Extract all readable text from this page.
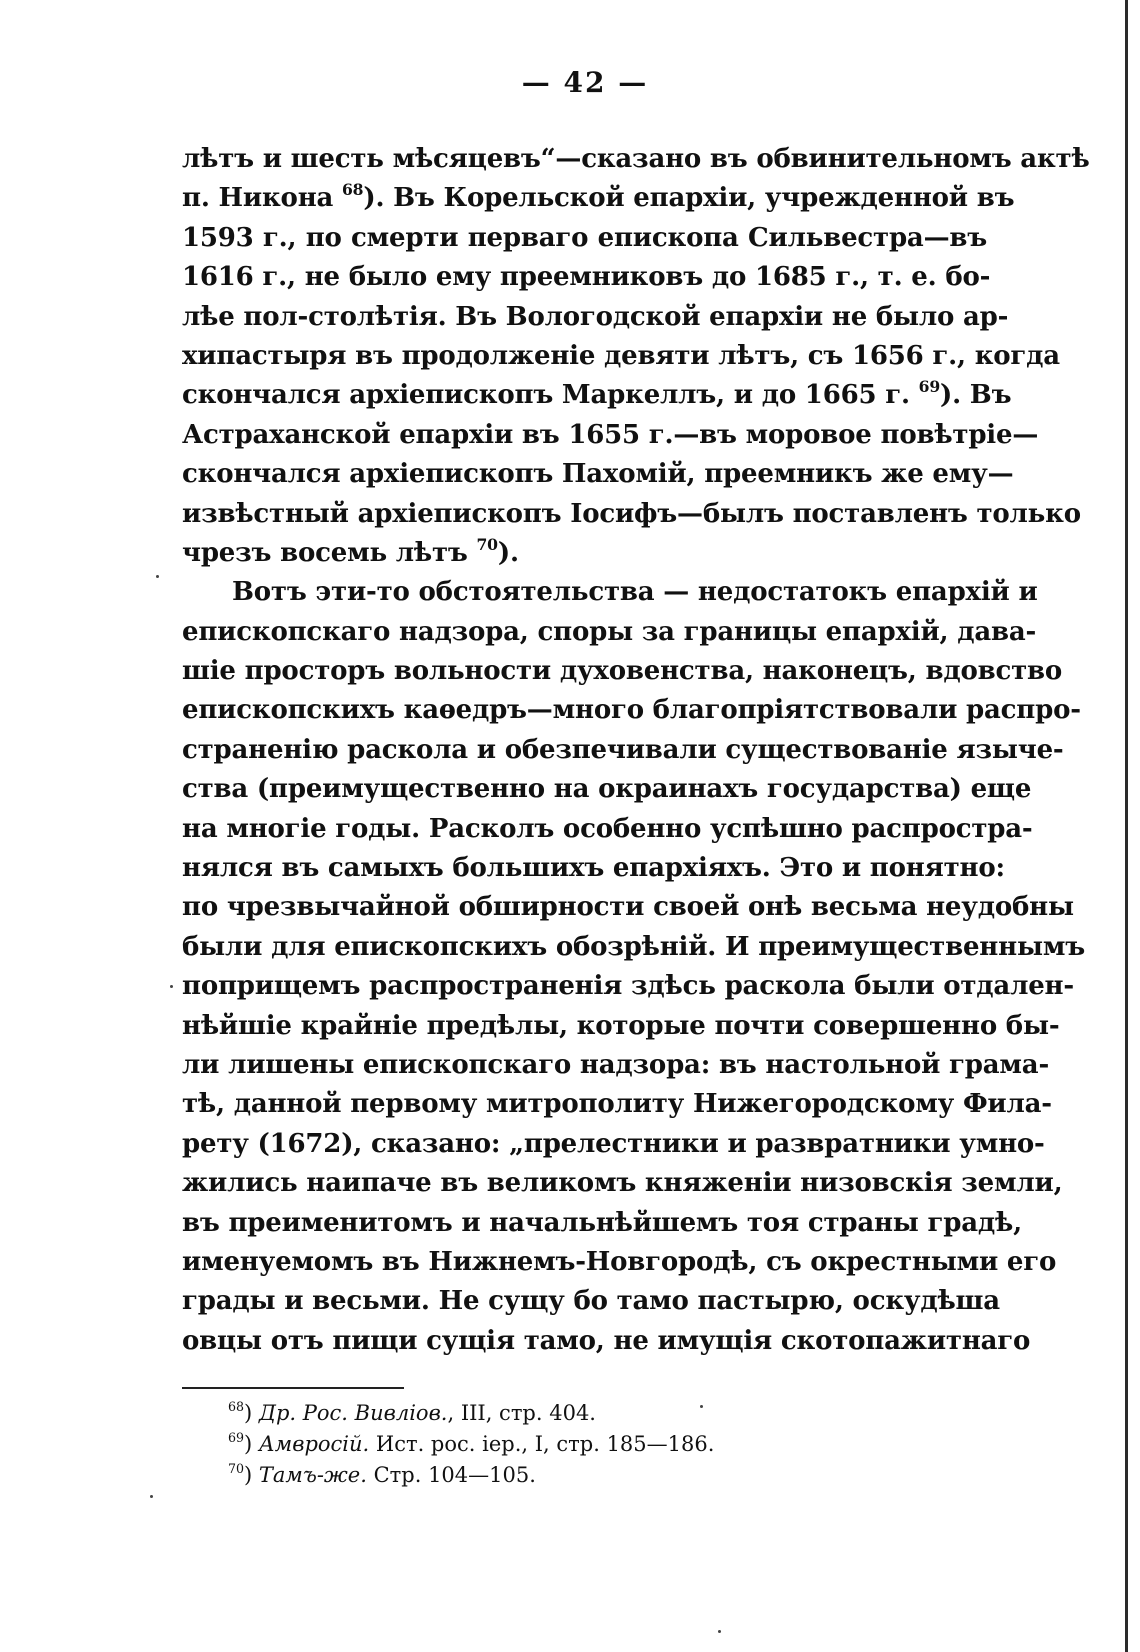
— 42 —
лѣтъ и шесть мѣсяцевъ“—сказано въ обвинительномъ актѣ
п. Никона $^{68}$). Въ Корельской епархіи, учрежденной въ
1593 г., по смерти перваго епископа Сильвестра—въ
1616 г., не было ему преемниковъ до 1685 г., т. е. бо-
лѣе пол-столѣтія. Въ Вологодской епархіи не было ар-
хипастыря въ продолженіе девяти лѣтъ, съ 1656 г., когда
скончался архіепископъ Маркеллъ, и до 1665 г. $^{69}$). Въ
Астраханской епархіи въ 1655 г.—въ моровое повѣтріе—
скончался архіепископъ Пахомій, преемникъ же ему—
извѣстный архіепископъ Іосифъ—былъ поставленъ только
чрезъ восемь лѣтъ $^{70}$).
Вотъ эти-то обстоятельства — недостатокъ епархій и
епископскаго надзора, споры за границы епархій, дава-
шіе просторъ вольности духовенства, наконецъ, вдовство
епископскихъ каѳедръ—много благопріятствовали распро-
страненію раскола и обезпечивали существованіе язычe-
ства (преимущественно на окраинахъ государства) еще
на многіе годы. Расколъ особенно успѣшно распростра-
нялся въ самыхъ большихъ епархіяхъ. Это и понятно:
по чрезвычайной обширности своей онѣ весьма неудобны
были для епископскихъ обозрѣній. И преимущественнымъ
поприщемъ распространенія здѣсь раскола были отдален-
нѣйшіе крайніе предѣлы, которые почти совершенно бы-
ли лишены епископскаго надзора: въ настольной грама-
тѣ, данной первому митрополиту Нижегородскому Фила-
рету (1672), сказано: „прелестники и развратники умно-
жились наипаче въ великомъ княженіи низовскія земли,
въ преименитомъ и начальнѣйшемъ тоя страны градѣ,
именуемомъ въ Нижнемъ-Новгородѣ, съ окрестными его
грады и весьми. Не сущу бо тамо пастырю, оскудѣша
овцы отъ пищи сущія тамо, не имущія скотопажитнаго
$^{68}$) Др. Рос. Вивліов., III, стр. 404.
$^{69}$) Амвросій. Ист. рос. іер., I, стр. 185—186.
$^{70}$) Тамъ-же. Стр. 104—105.
